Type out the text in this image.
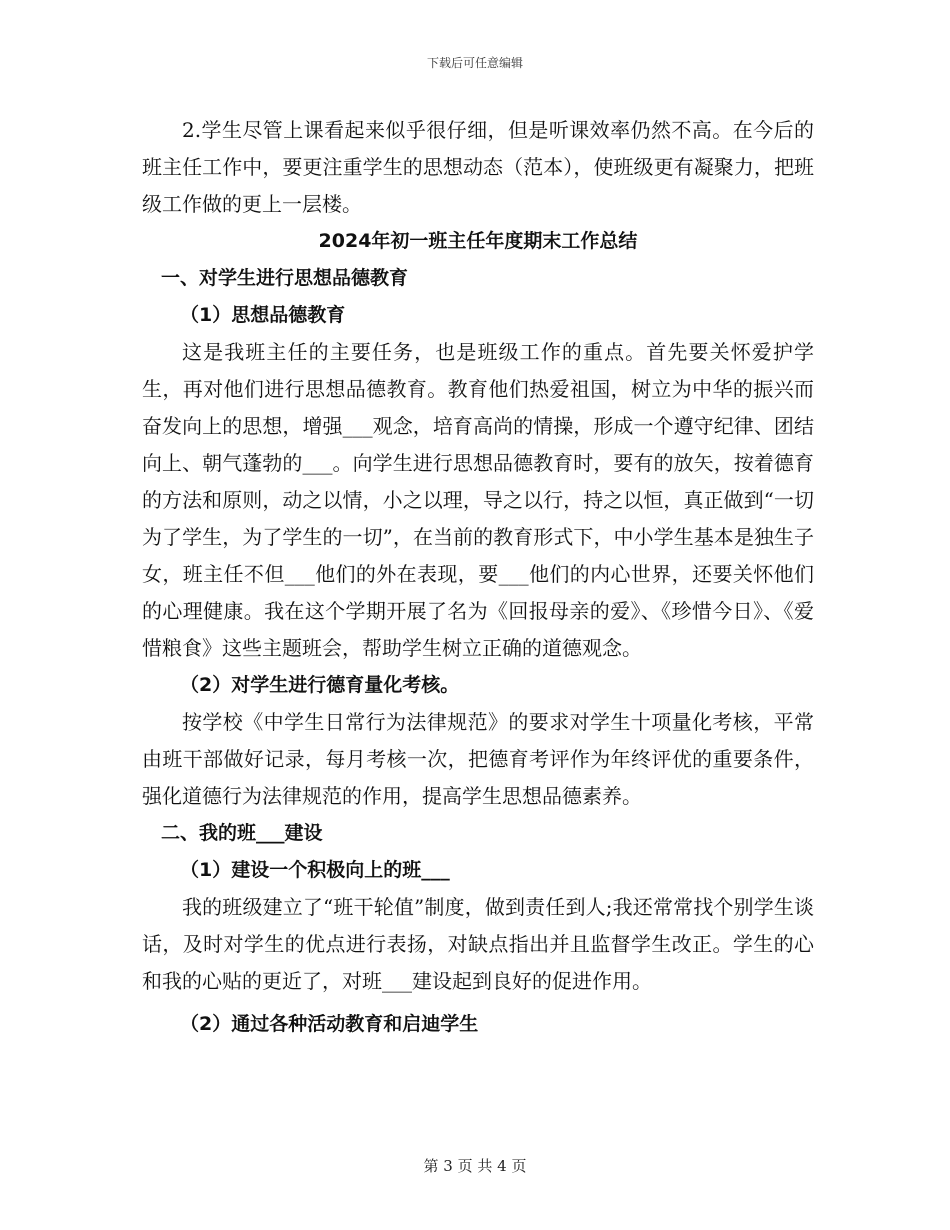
下载后可任意编辑

2.学生尽管上课看起来似乎很仔细，但是听课效率仍然不高。在今后的班主任工作中，要更注重学生的思想动态（范本），使班级更有凝聚力，把班级工作做的更上一层楼。

2024年初一班主任年度期末工作总结

一、对学生进行思想品德教育

（1）思想品德教育

这是我班主任的主要任务，也是班级工作的重点。首先要关怀爱护学生，再对他们进行思想品德教育。教育他们热爱祖国，树立为中华的振兴而奋发向上的思想，增强___观念，培育高尚的情操，形成一个遵守纪律、团结向上、朝气蓬勃的___。向学生进行思想品德教育时，要有的放矢，按着德育的方法和原则，动之以情，小之以理，导之以行，持之以恒，真正做到“一切为了学生，为了学生的一切”，在当前的教育形式下，中小学生基本是独生子女，班主任不但___他们的外在表现，要___他们的内心世界，还要关怀他们的心理健康。我在这个学期开展了名为《回报母亲的爱》、《珍惜今日》、《爱惜粮食》这些主题班会，帮助学生树立正确的道德观念。

（2）对学生进行德育量化考核。

按学校《中学生日常行为法律规范》的要求对学生十项量化考核，平常由班干部做好记录，每月考核一次，把德育考评作为年终评优的重要条件，强化道德行为法律规范的作用，提高学生思想品德素养。

二、我的班___建设

（1）建设一个积极向上的班___

我的班级建立了“班干轮值”制度，做到责任到人;我还常常找个别学生谈话，及时对学生的优点进行表扬，对缺点指出并且监督学生改正。学生的心和我的心贴的更近了，对班___建设起到良好的促进作用。

（2）通过各种活动教育和启迪学生

第 3 页 共 4 页
